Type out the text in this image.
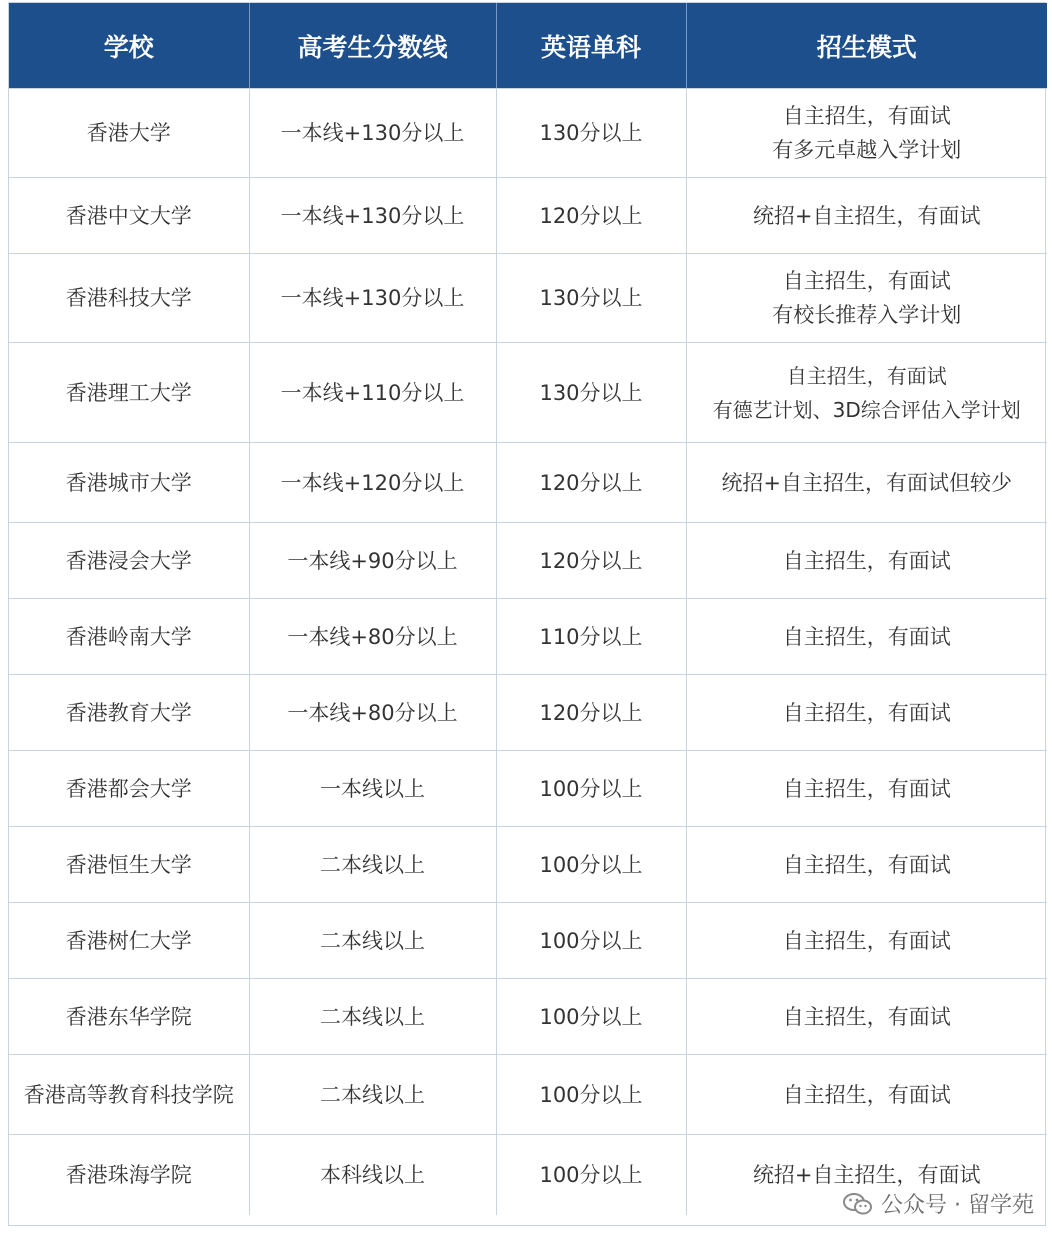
学校	高考生分数线	英语单科	招生模式
香港大学	一本线+130分以上	130分以上	自主招生，有面试
有多元卓越入学计划

香港中文大学	一本线+130分以上	120分以上	统招+自主招生，有面试

香港科技大学	一本线+130分以上	130分以上	自主招生，有面试
有校长推荐入学计划

香港理工大学	一本线+110分以上	130分以上	自主招生，有面试
有德艺计划、3D综合评估入学计划

香港城市大学	一本线+120分以上	120分以上	统招+自主招生，有面试但较少

香港浸会大学	一本线+90分以上	120分以上	自主招生，有面试

香港岭南大学	一本线+80分以上	110分以上	自主招生，有面试

香港教育大学	一本线+80分以上	120分以上	自主招生，有面试

香港都会大学	一本线以上	100分以上	自主招生，有面试

香港恒生大学	二本线以上	100分以上	自主招生，有面试

香港树仁大学	二本线以上	100分以上	自主招生，有面试

香港东华学院	二本线以上	100分以上	自主招生，有面试

香港高等教育科技学院	二本线以上	100分以上	自主招生，有面试

香港珠海学院	本科线以上	100分以上	统招+自主招生，有面试
公众号 · 留学苑
